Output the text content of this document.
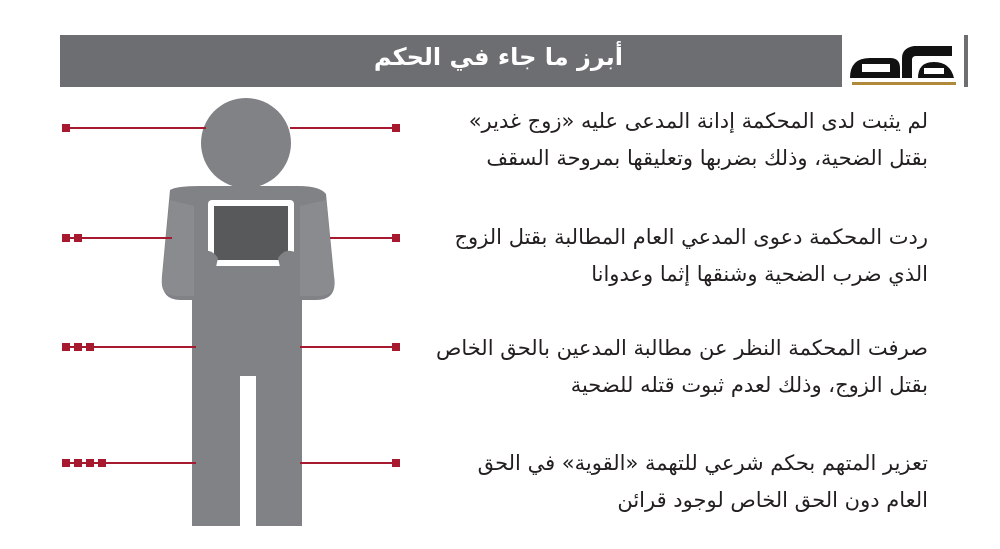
أبرز ما جاء في الحكم
لم يثبت لدى المحكمة إدانة المدعى عليه «زوج غدير»
بقتل الضحية، وذلك بضربها وتعليقها بمروحة السقف
ردت المحكمة دعوى المدعي العام المطالبة بقتل الزوج
الذي ضرب الضحية وشنقها إثما وعدوانا
صرفت المحكمة النظر عن مطالبة المدعين بالحق الخاص
بقتل الزوج، وذلك لعدم ثبوت قتله للضحية
تعزير المتهم بحكم شرعي للتهمة «القوية» في الحق
العام دون الحق الخاص لوجود قرائن
